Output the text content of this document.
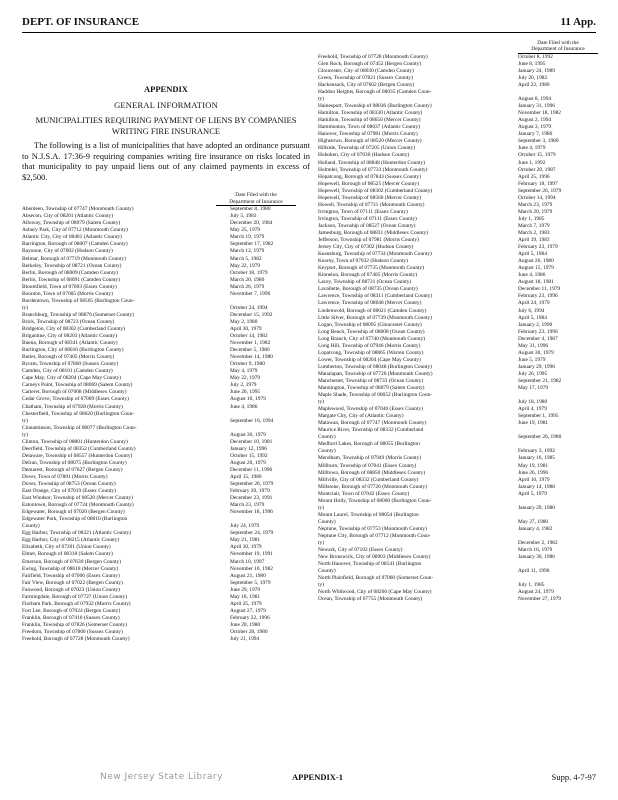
DEPT. OF INSURANCE	11 App.
APPENDIX
GENERAL INFORMATION
MUNICIPALITIES REQUIRING PAYMENT OF LIENS BY COMPANIES WRITING FIRE INSURANCE
The following is a list of municipalities that have adopted an ordinance pursuant to N.J.S.A. 17:36-9 requiring companies writing fire insurance on risks located in that municipality to pay unpaid liens out of any claimed payments in excess of $2,500.
Date Filed with the
Department of Insurance
Aberdeen, Township of 07747 (Monmouth County)	September 8, 1980
Absecon, City of 08201 (Atlantic County)	July 5, 1983
Alloway, Township of 08079 (Salem County)	December 20, 1984
Asbury Park, City of 07712 (Monmouth County)	May 25, 1979
Atlantic City, City of 08401 (Atlantic County)	March 19, 1979
Barrington, Borough of 08007 (Camden County)	September 17, 1982
Bayonne, City of 07002 (Hudson County)	March 12, 1979
Belmar, Borough of 07719 (Monmouth County)	March 5, 1982
Berkeley, Township of 08721 (Ocean County)	May 22, 1979
Berlin, Borough of 08009 (Camden County)	October 18, 1979
Berlin, Township of 08091 (Camden County)	March 20, 1980
Bloomfield, Town of 07003 (Essex County)	March 26, 1979
Boonton, Town of 07005 (Morris County)	November 7, 1996
Bordentown, Township of 08505 (Burlington Coun-
ty)	October 24, 1994
Branchburg, Township of 08876 (Somerset County)	December 15, 1992
Brick, Township of 08723 (Ocean County)	May 2, 1980
Bridgeton, City of 08302 (Cumberland County)	April 30, 1979
Brigantine, City of 08203 (Atlantic County)	October 14, 1982
Buena, Borough of 08341 (Atlantic County)	November 1, 1982
Burlington, City of 08016 (Burlington County)	December 5, 1986
Butler, Borough of 07405 (Morris County)	November 14, 1980
Byram, Township of 07860 (Sussex County)	October 9, 1980
Camden, City of 08101 (Camden County)	May 4, 1979
Cape May, City of 08204 (Cape May County)	May 22, 1979
Carneys Point, Township of 08069 (Salem County)	July 2, 1979
Carteret, Borough of 07008 (Middlesex County)	June 26, 1995
Cedar Grove, Township of 07009 (Essex County)	August 10, 1979
Chatham, Township of 07928 (Morris County)	June 4, 1986
Chesterfield, Township of 08620 (Burlington Coun-
ty)	September 16, 1994
Cinnaminson, Township of 08077 (Burlington Coun-
ty)	August 30, 1979
Clinton, Township of 08801 (Hunterdon County)	December 10, 1981
Deerfield, Township of 08352 (Cumberland County)	January 12, 1996
Delaware, Township of 08557 (Hunterdon County)	October 15, 1992
Delran, Township of 08075 (Burlington County)	August 20, 1979
Demarest, Borough of 07627 (Bergen County)	December 11, 1996
Dover, Town of 07801 (Morris County)	April 15, 1980
Dover, Township of 08753 (Ocean County)	September 26, 1979
East Orange, City of 07019 (Essex County)	February 20, 1979
East Windsor, Township of 08520 (Mercer County)	December 23, 1991
Eatontown, Borough of 07724 (Monmouth County)	March 23, 1979
Edgewater, Borough of 07020 (Bergen County)	November 18, 1996
Edgewater Park, Township of 08010 (Burlington
County)	July 24, 1979
Egg Harbor, Township of 08221 (Atlantic County)	September 24, 1979
Egg Harbor, City of 08215 (Atlantic County)	May 21, 1981
Elizabeth, City of 07201 (Union County)	April 30, 1979
Elmer, Borough of 08318 (Salem County)	November 19, 1991
Emerson, Borough of 07630 (Bergen County)	March 10, 1997
Ewing, Township of 08618 (Mercer County)	November 10, 1982
Fairfield, Township of 07006 (Essex County)	August 21, 1980
Fair View, Borough of 07022 (Bergen County)	September 5, 1979
Fanwood, Borough of 07023 (Union County)	June 29, 1979
Farmingdale, Borough of 07727 (Union County)	May 18, 1981
Florham Park, Borough of 07932 (Morris County)	April 25, 1979
Fort Lee, Borough of 07024 (Bergen County)	August 27, 1979
Franklin, Borough of 07416 (Sussex County)	February 22, 1996
Franklin, Township of 07826 (Somerset County)	June 20, 1980
Freedom, Township of 07860 (Sussex County)	October 28, 1980
Freehold, Borough of 07728 (Monmouth County)	July 21, 1994
Date Filed with the
Department of Insurance
Freehold, Township of 07728 (Monmouth County)	October 8, 1992
Glen Rock, Borough of 07452 (Bergen County)	June 8, 1995
Gloucester, City of 08030 (Camden County)	January 24, 1989
Green, Township of 07821 (Sussex County)	July 20, 1982
Hackensack, City of 07602 (Bergen County)	April 22, 1980
Haddon Heights, Borough of 08035 (Camden Coun-
ty)	August 8, 1994
Hainesport, Township of 08036 (Burlington County)	January 31, 1996
Hamilton, Township of 08330 (Atlantic County)	November 18, 1982
Hamilton, Township of 08650 (Mercer County)	August 2, 1994
Hammonton, Town of 08037 (Atlantic County)	August 3, 1979
Hanover, Township of 07981 (Morris County)	January 7, 1986
Highstown, Borough of 08520 (Mercer County)	September 3, 1980
Hillside, Township of 07205 (Union County)	June 4, 1979
Hoboken, City of 07030 (Hudson County)	October 15, 1979
Holland, Township of 08848 (Hunterdon County)	June 1, 1992
Holmdel, Township of 07733 (Monmouth County)	October 20, 1987
Hopatcong, Borough of 07843 (Sussex County)	April 25, 1996
Hopewell, Borough of 08525 (Mercer County)	February 18, 1997
Hopewell, Township of 08302 (Cumberland County)	September 26, 1979
Hopewell, Township of 08560 (Mercer County)	October 14, 1994
Howell, Township of 07731 (Monmouth County)	March 23, 1979
Irvington, Town of 07111 (Essex County)	March 20, 1979
Irvington, Township of 07111 (Essex County)	July 1, 1985
Jackson, Township of 08527 (Ocean County)	March 7, 1979
Jamesburg, Borough of 08831 (Middlesex County)	March 2, 1983
Jefferson, Township of 07981 (Morris County)	April 19, 1983
Jersey City, City of 07302 (Hudson County)	February 23, 1979
Keansburg, Township of 07734 (Monmouth County)	April 5, 1984
Kearny, Town of 07032 (Hudson County)	August 26, 1980
Keyport, Borough of 07735 (Monmouth County)	August 15, 1979
Kinnelon, Borough of 07405 (Morris County)	June 4, 1986
Lacey, Township of 08731 (Ocean County)	August 18, 1981
Lavallette, Borough of 08735 (Ocean County)	December 11, 1979
Lawrence, Township of 08311 (Cumberland County)	February 23, 1996
Lawrence, Township of 08648 (Mercer County)	April 24, 1979
Lindenwold, Borough of 08021 (Camden County)	July 6, 1994
Little Silver, Borough of 07739 (Monmouth County)	April 5, 1984
Logan, Township of 08095 (Gloucester County)	January 2, 1990
Long Beach, Township of 08008 (Ocean County)	February 23, 1996
Long Branch, City of 07740 (Monmouth County)	December 4, 1987
Long Hill, Township of 07946 (Morris County)	May 31, 1996
Lopatcong, Township of 08865 (Warren County)	August 30, 1979
Lower, Township of 08204 (Cape May County)	June 5, 1979
Lumberton, Township of 08048 (Burlington County)	January 29, 1996
Manalapan, Township of 07726 (Monmouth County)	July 26, 1995
Manchester, Township of 08733 (Ocean County)	September 21, 1982
Mannington, Township of 08079 (Salem County)	May 17, 1979
Maple Shade, Township of 08052 (Burlington Coun-
ty)	July 18, 1980
Maplewood, Township of 07040 (Essex County)	April 4, 1979
Margate City, City of (Atlantic County)	September 1, 1995
Matawan, Borough of 07747 (Monmouth County)	June 19, 1981
Maurice River, Township of 08332 (Cumberland
County)	September 26, 1980
Medford Lakes, Borough of 08055 (Burlington
County)	February 3, 1992
Mendham, Township of 07949 (Morris County)	January 16, 1985
Millburn, Township of 07041 (Essex County)	May 19, 1981
Milltown, Borough of 08850 (Middlesex County)	June 26, 1996
Millville, City of 08332 (Cumberland County)	April 10, 1979
Millstone, Borough of 07726 (Monmouth County)	January 14, 1988
Montclair, Town of 07042 (Essex County)	April 5, 1979
Mount Holly, Township of 08060 (Burlington Coun-
ty)	January 29, 1980
Mount Laurel, Township of 08054 (Burlington
County)	May 27, 1980
Neptune, Township of 07753 (Monmouth County)	January 4, 1982
Neptune City, Borough of 07712 (Monmouth Coun-
ty)	December 2, 1982
Newark, City of 07102 (Essex County)	March 16, 1979
New Brunswick, City of 08903 (Middlesex County)	January 30, 1986
North Hanover, Township of 08541 (Burlington
County)	April 11, 1996
North Plainfield, Borough of 07060 (Somerset Coun-
ty)	July 1, 1985
North Wildwood, City of 08260 (Cape May County)	August 24, 1979
Ocean, Township of 07755 (Monmouth County)	November 27, 1979
New Jersey State Library	APPENDIX-1	Supp. 4-7-97
